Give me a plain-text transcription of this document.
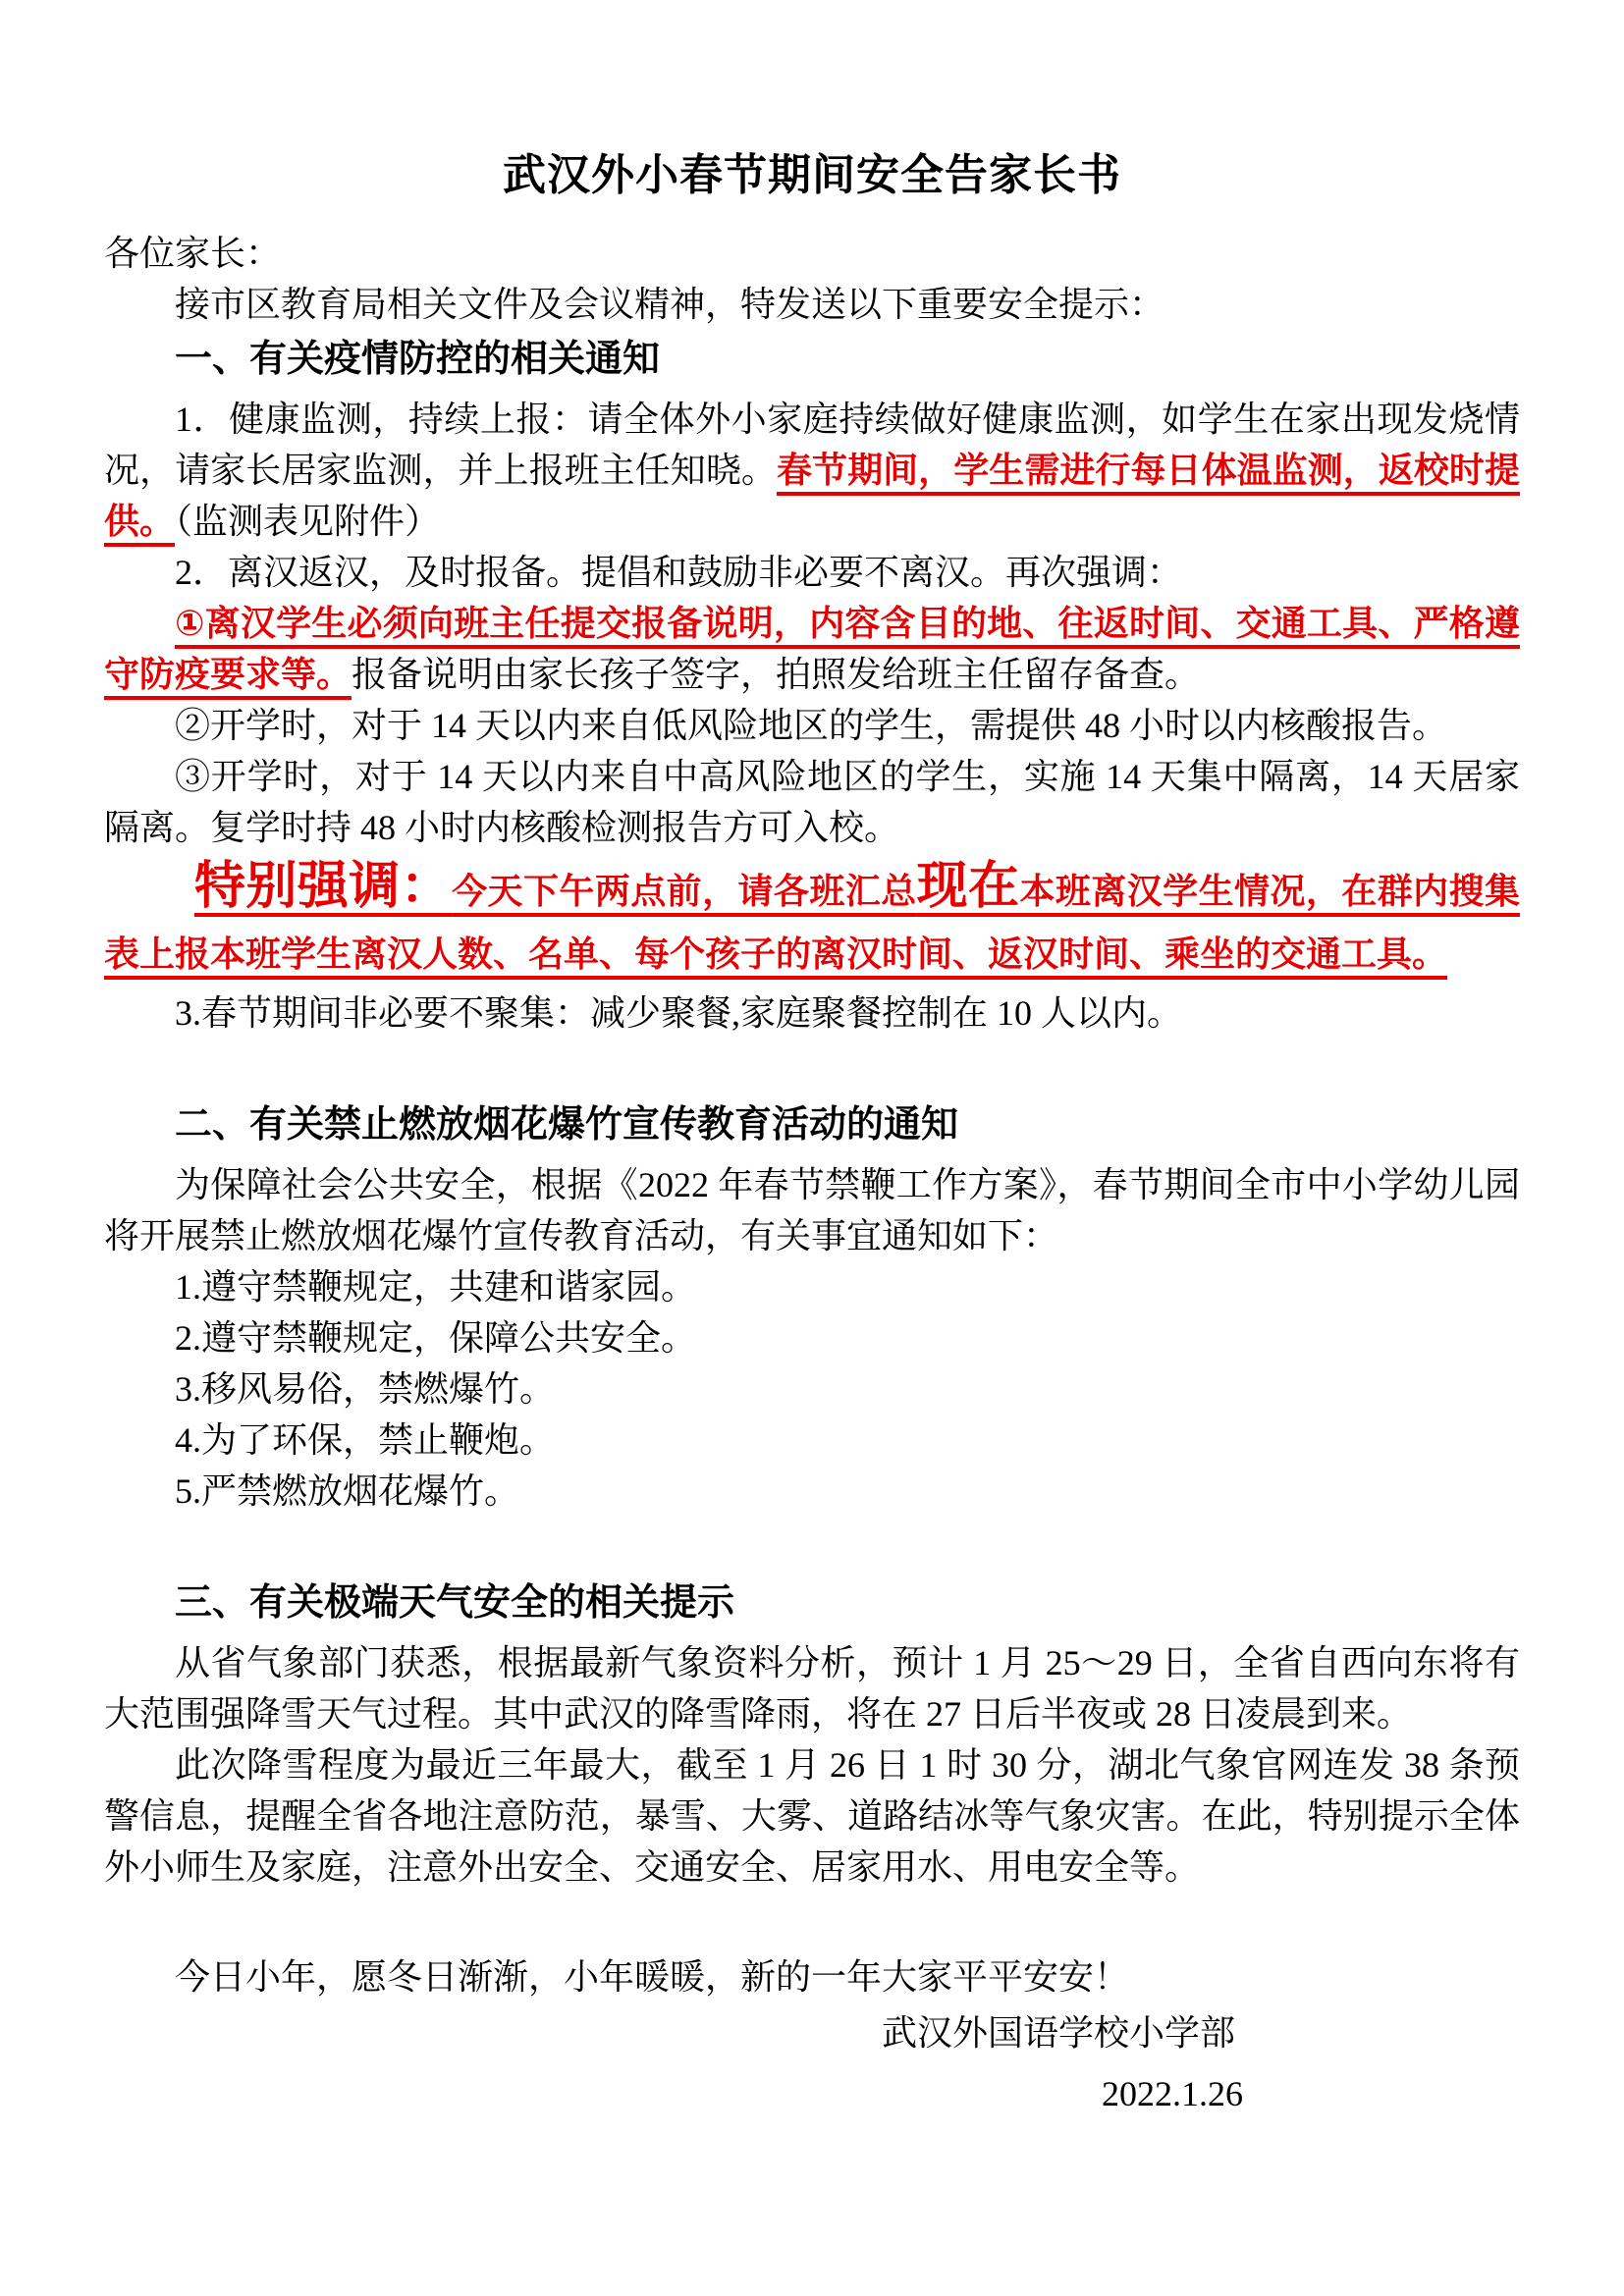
武汉外小春节期间安全告家长书

各位家长：

接市区教育局相关文件及会议精神，特发送以下重要安全提示：

一、有关疫情防控的相关通知

1．健康监测，持续上报：请全体外小家庭持续做好健康监测，如学生在家出现发烧情况，请家长居家监测，并上报班主任知晓。春节期间，学生需进行每日体温监测，返校时提供。（监测表见附件）

2．离汉返汉，及时报备。提倡和鼓励非必要不离汉。再次强调：

①离汉学生必须向班主任提交报备说明，内容含目的地、往返时间、交通工具、严格遵守防疫要求等。报备说明由家长孩子签字，拍照发给班主任留存备查。

②开学时，对于 14 天以内来自低风险地区的学生，需提供 48 小时以内核酸报告。

③开学时，对于 14 天以内来自中高风险地区的学生，实施 14 天集中隔离，14 天居家隔离。复学时持 48 小时内核酸检测报告方可入校。

特别强调：今天下午两点前，请各班汇总现在本班离汉学生情况，在群内搜集表上报本班学生离汉人数、名单、每个孩子的离汉时间、返汉时间、乘坐的交通工具。

3.春节期间非必要不聚集：减少聚餐,家庭聚餐控制在 10 人以内。

二、有关禁止燃放烟花爆竹宣传教育活动的通知

为保障社会公共安全，根据《2022 年春节禁鞭工作方案》，春节期间全市中小学幼儿园将开展禁止燃放烟花爆竹宣传教育活动，有关事宜通知如下：

1.遵守禁鞭规定，共建和谐家园。

2.遵守禁鞭规定，保障公共安全。

3.移风易俗，禁燃爆竹。

4.为了环保，禁止鞭炮。

5.严禁燃放烟花爆竹。

三、有关极端天气安全的相关提示

从省气象部门获悉，根据最新气象资料分析，预计 1 月 25～29 日，全省自西向东将有大范围强降雪天气过程。其中武汉的降雪降雨，将在 27 日后半夜或 28 日凌晨到来。

此次降雪程度为最近三年最大，截至 1 月 26 日 1 时 30 分，湖北气象官网连发 38 条预警信息，提醒全省各地注意防范，暴雪、大雾、道路结冰等气象灾害。在此，特别提示全体外小师生及家庭，注意外出安全、交通安全、居家用水、用电安全等。

今日小年，愿冬日渐渐，小年暖暖，新的一年大家平平安安！

武汉外国语学校小学部

2022.1.26
